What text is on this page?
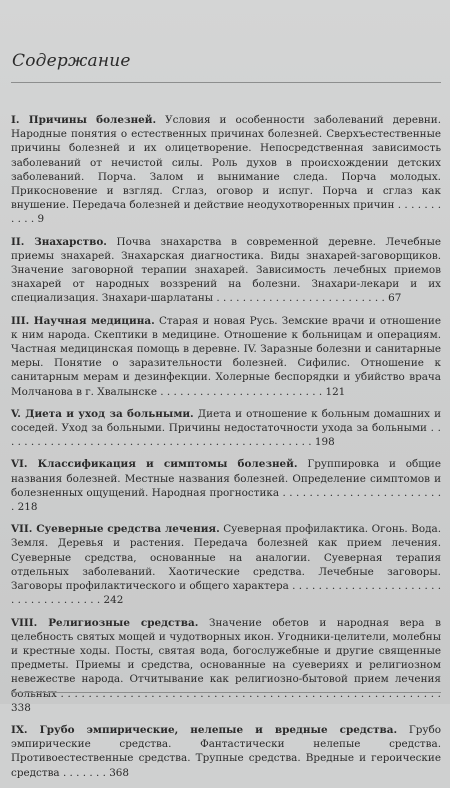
Содержание

I. Причины болезней. Условия и особенности заболеваний деревни. Народные понятия о естественных причинах болезней. Сверхъестественные причины болезней и их олицетворение. Непосредственная зависимость заболеваний от нечистой силы. Роль духов в происхождении детских заболеваний. Порча. Залом и вынимание следа. Порча молодых. Прикосновение и взгляд. Сглаз, оговор и испуг. Порча и сглаз как внушение. Передача болезней и действие неодухотворенных причин . . . . . . . . . . . 9

II. Знахарство. Почва знахарства в современной деревне. Лечебные приемы знахарей. Знахарская диагностика. Виды знахарей-заговорщиков. Значение заговорной терапии знахарей. Зависимость лечебных приемов знахарей от народных воззрений на болезни. Знахари-лекари и их специализация. Знахари-шарлатаны . . . . . . . . . . . . . . . . . . . . . . . . . . 67

III. Научная медицина. Старая и новая Русь. Земские врачи и отношение к ним народа. Скептики в медицине. Отношение к больницам и операциям. Частная медицинская помощь в деревне. IV. Заразные болезни и санитарные меры. Понятие о заразительности болезней. Сифилис. Отношение к санитарным мерам и дезинфекции. Холерные беспорядки и убийство врача Молчанова в г. Хвалынске . . . . . . . . . . . . . . . . . . . . . . . . . 121

V. Диета и уход за больными. Диета и отношение к больным домашних и соседей. Уход за больными. Причины недостаточности ухода за больными . . . . . . . . . . . . . . . . . . . . . . . . . . . . . . . . . . . . . . . . . . . . . . . . 198

VI. Классификация и симптомы болезней. Группировка и общие названия болезней. Местные названия болезней. Определение симптомов и болезненных ощущений. Народная прогностика . . . . . . . . . . . . . . . . . . . . . . . . . 218

VII. Суеверные средства лечения. Суеверная профилактика. Огонь. Вода. Земля. Деревья и растения. Передача болезней как прием лечения. Суеверные средства, основанные на аналогии. Суеверная терапия отдельных заболеваний. Хаотические средства. Лечебные заговоры. Заговоры профилактического и общего характера . . . . . . . . . . . . . . . . . . . . . . . . . . . . . . . . . . . . . 242

VIII. Религиозные средства. Значение обетов и народная вера в целебность святых мощей и чудотворных икон. Угодники-целители, молебны и крестные ходы. Посты, святая вода, богослужебные и другие священные предметы. Приемы и средства, основанные на суевериях и религиозном невежестве народа. Отчитывание как религиозно-бытовой прием лечения больных . . . . . . . . . . . . . . . . . . . . . . . . . . . . . . . . . . . . . . . . . . . . . . . . . . . . . . . 338

IX. Грубо эмпирические, нелепые и вредные средства. Грубо эмпирические средства. Фантастически нелепые средства. Противоестественные средства. Трупные средства. Вредные и героические средства . . . . . . . 368
